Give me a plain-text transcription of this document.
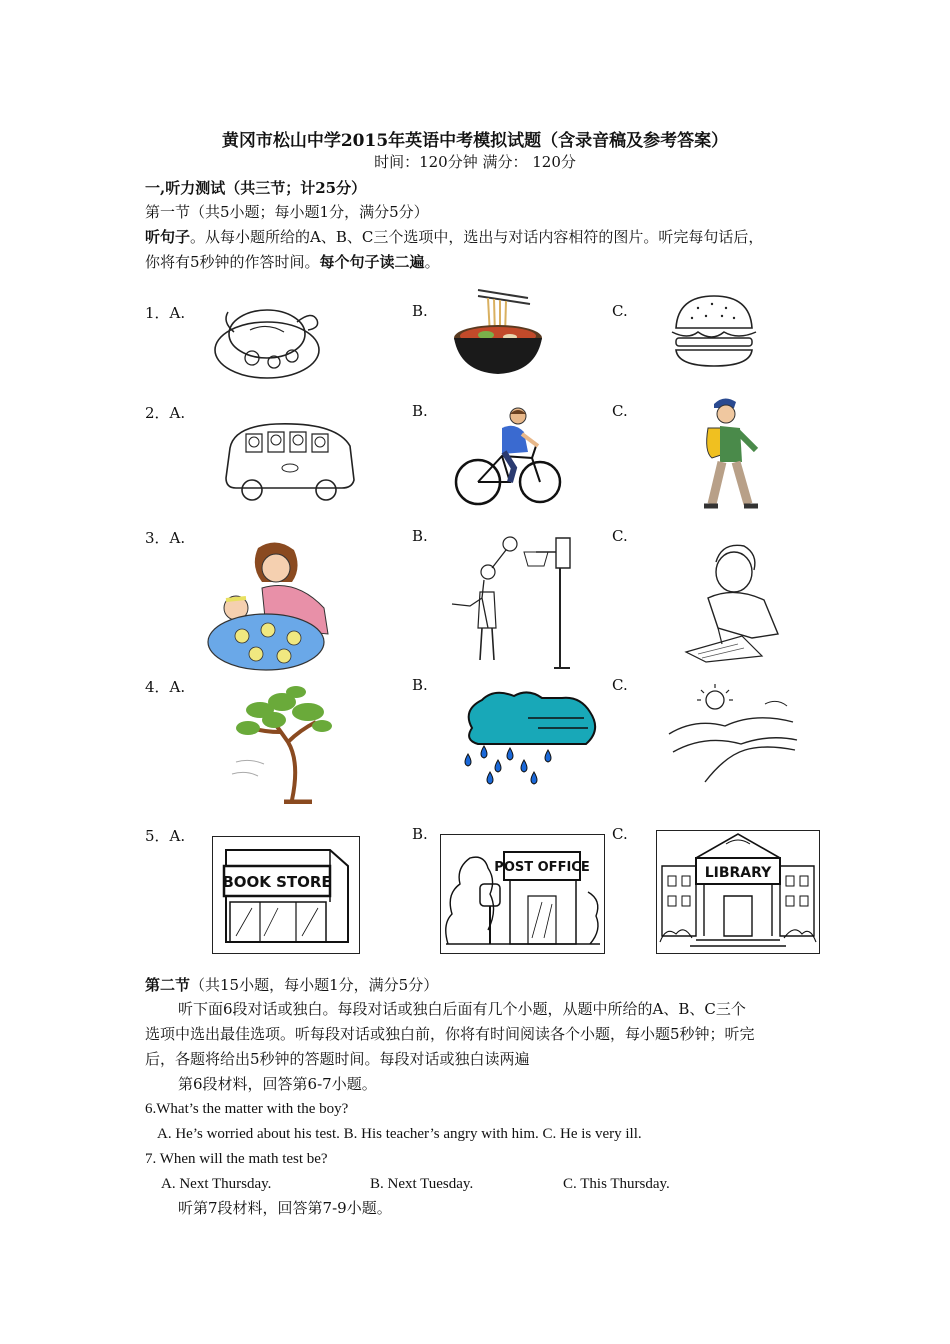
黄冈市松山中学2015年英语中考模拟试题（含录音稿及参考答案）
时间：120分钟 满分： 120分
一,听力测试（共三节；计25分）
第一节（共5小题；每小题1分，满分5分）
听句子。从每小题所给的A、B、C三个选项中，选出与对话内容相符的图片。听完每句话后，
你将有5秒钟的作答时间。每个句子读二遍。
1．A.	B.	C.
2．A.	B.	C.
3．A.	B.	C.
4．A.	B.	C.
5．A.	B.	C.
BOOK STORE
POST OFFICE	LIBRARY
第二节（共15小题，每小题1分，满分5分）
听下面6段对话或独白。每段对话或独白后面有几个小题，从题中所给的A、B、C三个
选项中选出最佳选项。听每段对话或独白前，你将有时间阅读各个小题，每小题5秒钟；听完
后，各题将给出5秒钟的答题时间。每段对话或独白读两遍
第6段材料，回答第6-7小题。
6.What’s the matter with the boy?
A. He’s worried about his test. B. His teacher’s angry with him. C. He is very ill.
7. When will the math test be?
A. Next Thursday.	B. Next Tuesday.	C. This Thursday.
听第7段材料，回答第7-9小题。
